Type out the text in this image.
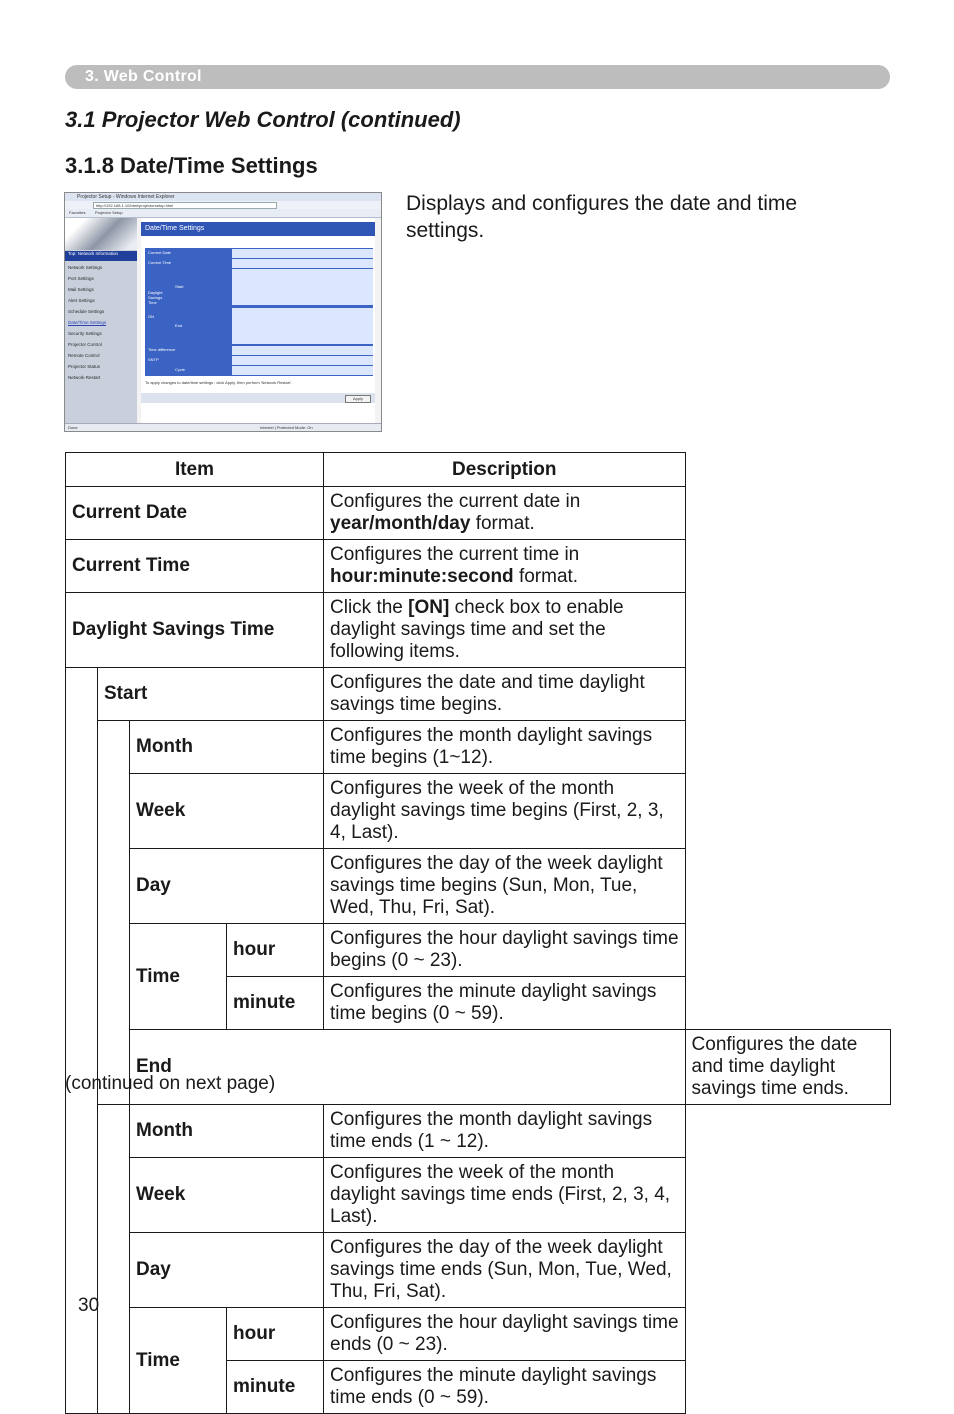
3. Web Control
3.1 Projector Web Control (continued)
3.1.8 Date/Time Settings
Projector Setup - Windows Internet Explorer
http://192.168.1.10/html/projectorsetup.html
Favorites Projector Setup
Top: Network Information
Network Settings
Port Settings
Mail Settings
Alert Settings
Schedule Settings
Date/Time Settings
Security Settings
Projector Control
Remote Control
Projector Status
Network Restart
Date/Time Settings
Current Date
Current Time
Daylight Savings Time
ON
Start
End
Time difference
SNTP
Cycle
To apply changes to date/time settings : click Apply, then perform 'Network Restart'.
Apply
Done	Internet | Protected Mode: On

Displays and configures the date and time settings.

Item				Description	
Current Date				Configures the current date in year/month/day format.	
Current Time				Configures the current time in hour:minute:second format.	
Daylight Savings Time				Click the [ON] check box to enable daylight savings time and set the following items.	
	Start			Configures the date and time daylight savings time begins.	
		Month		Configures the month daylight savings time begins (1~12).	
		Week		Configures the week of the month daylight savings time begins (First, 2, 3, 4, Last).	
		Day		Configures the day of the week daylight savings time begins (Sun, Mon, Tue, Wed, Thu, Fri, Sat).	
		Time	hour	Configures the hour daylight savings time begins (0 ~ 23).	
			minute	Configures the minute daylight savings time begins (0 ~ 59).	
		End			Configures the date and time daylight savings time ends.
		Month		Configures the month daylight savings time ends (1 ~ 12).	
		Week		Configures the week of the month daylight savings time ends (First, 2, 3, 4, Last).	
		Day		Configures the day of the week daylight savings time ends (Sun, Mon, Tue, Wed, Thu, Fri, Sat).	
		Time	hour	Configures the hour daylight savings time ends (0 ~ 23).	
			minute	Configures the minute daylight savings time ends (0 ~ 59).	

(continued on next page)

30
